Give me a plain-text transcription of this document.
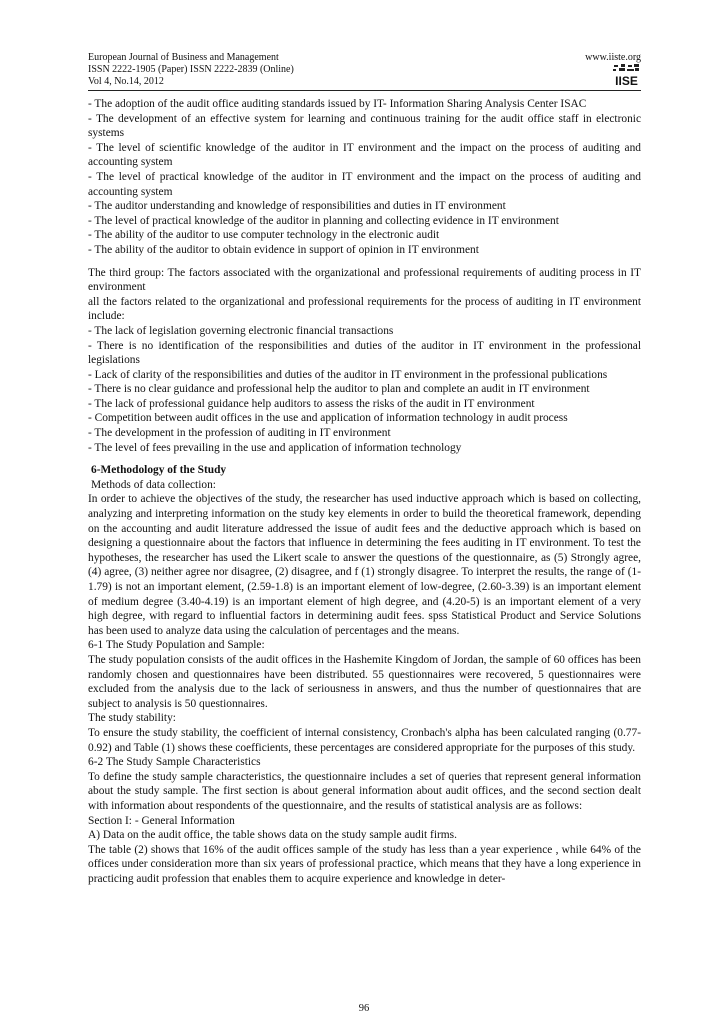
European Journal of Business and Management
ISSN 2222-1905 (Paper) ISSN 2222-2839 (Online)
Vol 4, No.14, 2012
www.iiste.org
IISE

- The adoption of the audit office auditing standards issued by IT- Information Sharing Analysis Center ISAC

- The development of an effective system for learning and continuous training for the audit office staff in electronic systems

- The level of scientific knowledge of the auditor in IT environment and the impact on the process of auditing and accounting system

- The level of practical knowledge of the auditor in IT environment and the impact on the process of auditing and accounting system

- The auditor understanding and knowledge of responsibilities and duties in IT environment

- The level of practical knowledge of the auditor in planning and collecting evidence in IT environment

- The ability of the auditor to use computer technology in the electronic audit

- The ability of the auditor to obtain evidence in support of opinion in IT environment

The third group: The factors associated with the organizational and professional requirements of auditing process in IT environment

all the factors related to the organizational and professional requirements for the process of auditing in IT environment include:

- The lack of legislation governing electronic financial transactions

- There is no identification of the responsibilities and duties of the auditor in IT environment in the professional legislations

- Lack of clarity of the responsibilities and duties of the auditor in IT environment in the professional publications

- There is no clear guidance and professional help the auditor to plan and complete an audit in IT environment

- The lack of professional guidance help auditors to assess the risks of the audit in IT environment

- Competition between audit offices in the use and application of information technology in audit process

- The development in the profession of auditing in IT environment

- The level of fees prevailing in the use and application of information technology

6-Methodology of the Study

Methods of data collection:

In order to achieve the objectives of the study, the researcher has used inductive approach which is based on collecting, analyzing and interpreting information on the study key elements in order to build the theoretical framework, depending on the accounting and audit literature addressed the issue of audit fees and the deductive approach which is based on designing a questionnaire about the factors that influence in determining the fees auditing in IT environment. To test the hypotheses, the researcher has used the Likert scale to answer the questions of the questionnaire, as (5) Strongly agree, (4) agree, (3) neither agree nor disagree, (2) disagree, and f (1) strongly disagree. To interpret the results, the range of (1-1.79) is not an important element, (2.59-1.8) is an important element of low-degree, (2.60-3.39) is an important element of medium degree (3.40-4.19) is an important element of high degree, and (4.20-5) is an important element of a very high degree, with regard to influential factors in determining audit fees. spss Statistical Product and Service Solutions has been used to analyze data using the calculation of percentages and the means.

6-1 The Study Population and Sample:

The study population consists of the audit offices in the Hashemite Kingdom of Jordan, the sample of 60 offices has been randomly chosen and questionnaires have been distributed. 55 questionnaires were recovered, 5 questionnaires were excluded from the analysis due to the lack of seriousness in answers, and thus the number of questionnaires that are subject to analysis is 50 questionnaires.

The study stability:

To ensure the study stability, the coefficient of internal consistency, Cronbach's alpha has been calculated ranging (0.77-0.92) and Table (1) shows these coefficients, these percentages are considered appropriate for the purposes of this study.

6-2 The Study Sample Characteristics

To define the study sample characteristics, the questionnaire includes a set of queries that represent general information about the study sample. The first section is about general information about audit offices, and the second section dealt with information about respondents of the questionnaire, and the results of statistical analysis are as follows:

Section I: - General Information

A) Data on the audit office, the table shows data on the study sample audit firms.

The table (2) shows that 16% of the audit offices sample of the study has less than a year experience , while 64% of the offices under consideration more than six years of professional practice, which means that they have a long experience in practicing audit profession that enables them to acquire experience and knowledge in deter-

96
